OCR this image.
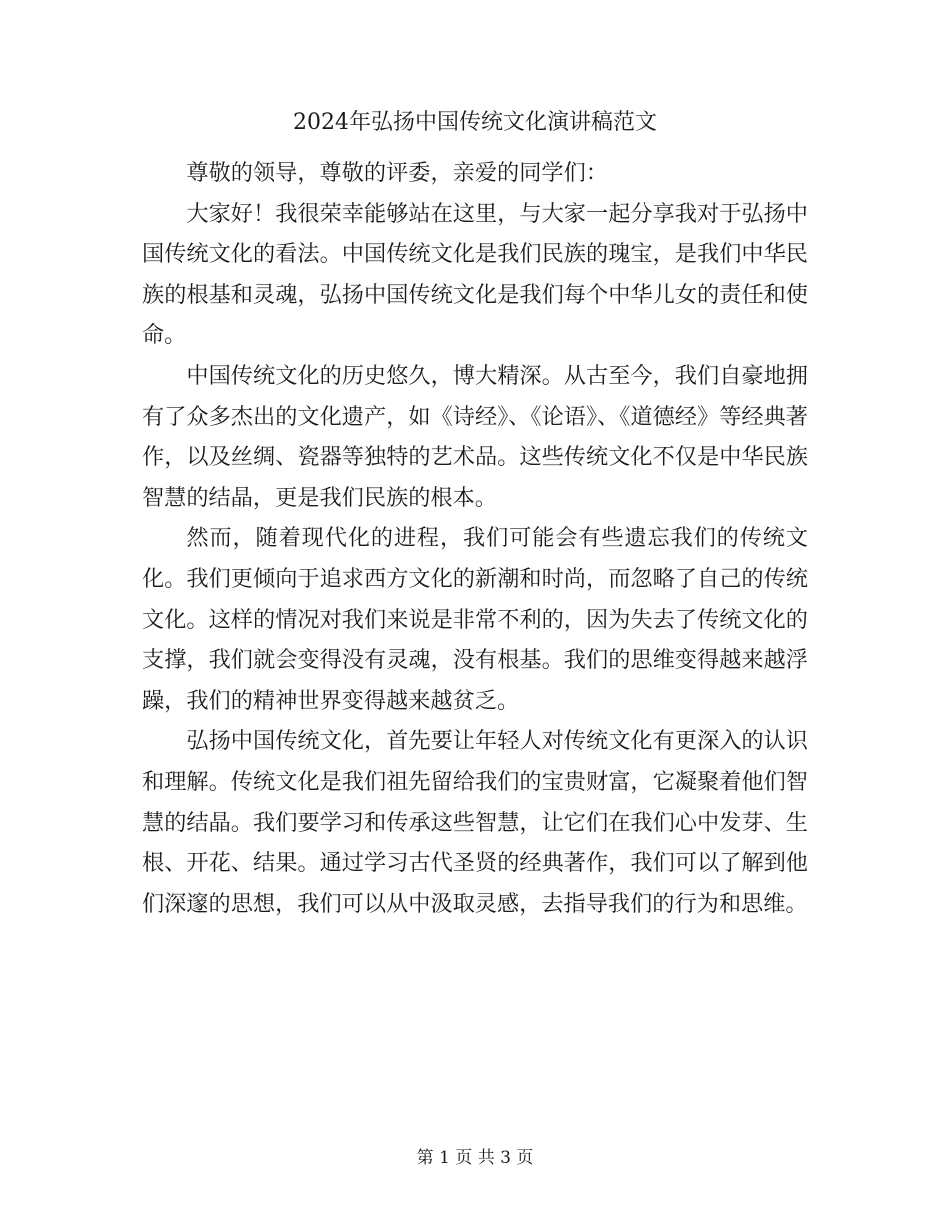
2024年弘扬中国传统文化演讲稿范文

尊敬的领导，尊敬的评委，亲爱的同学们：

大家好！我很荣幸能够站在这里，与大家一起分享我对于弘扬中国传统文化的看法。中国传统文化是我们民族的瑰宝，是我们中华民族的根基和灵魂，弘扬中国传统文化是我们每个中华儿女的责任和使命。

中国传统文化的历史悠久，博大精深。从古至今，我们自豪地拥有了众多杰出的文化遗产，如《诗经》、《论语》、《道德经》等经典著作，以及丝绸、瓷器等独特的艺术品。这些传统文化不仅是中华民族智慧的结晶，更是我们民族的根本。

然而，随着现代化的进程，我们可能会有些遗忘我们的传统文化。我们更倾向于追求西方文化的新潮和时尚，而忽略了自己的传统文化。这样的情况对我们来说是非常不利的，因为失去了传统文化的支撑，我们就会变得没有灵魂，没有根基。我们的思维变得越来越浮躁，我们的精神世界变得越来越贫乏。

弘扬中国传统文化，首先要让年轻人对传统文化有更深入的认识和理解。传统文化是我们祖先留给我们的宝贵财富，它凝聚着他们智慧的结晶。我们要学习和传承这些智慧，让它们在我们心中发芽、生根、开花、结果。通过学习古代圣贤的经典著作，我们可以了解到他们深邃的思想，我们可以从中汲取灵感，去指导我们的行为和思维。

第 1 页 共 3 页
